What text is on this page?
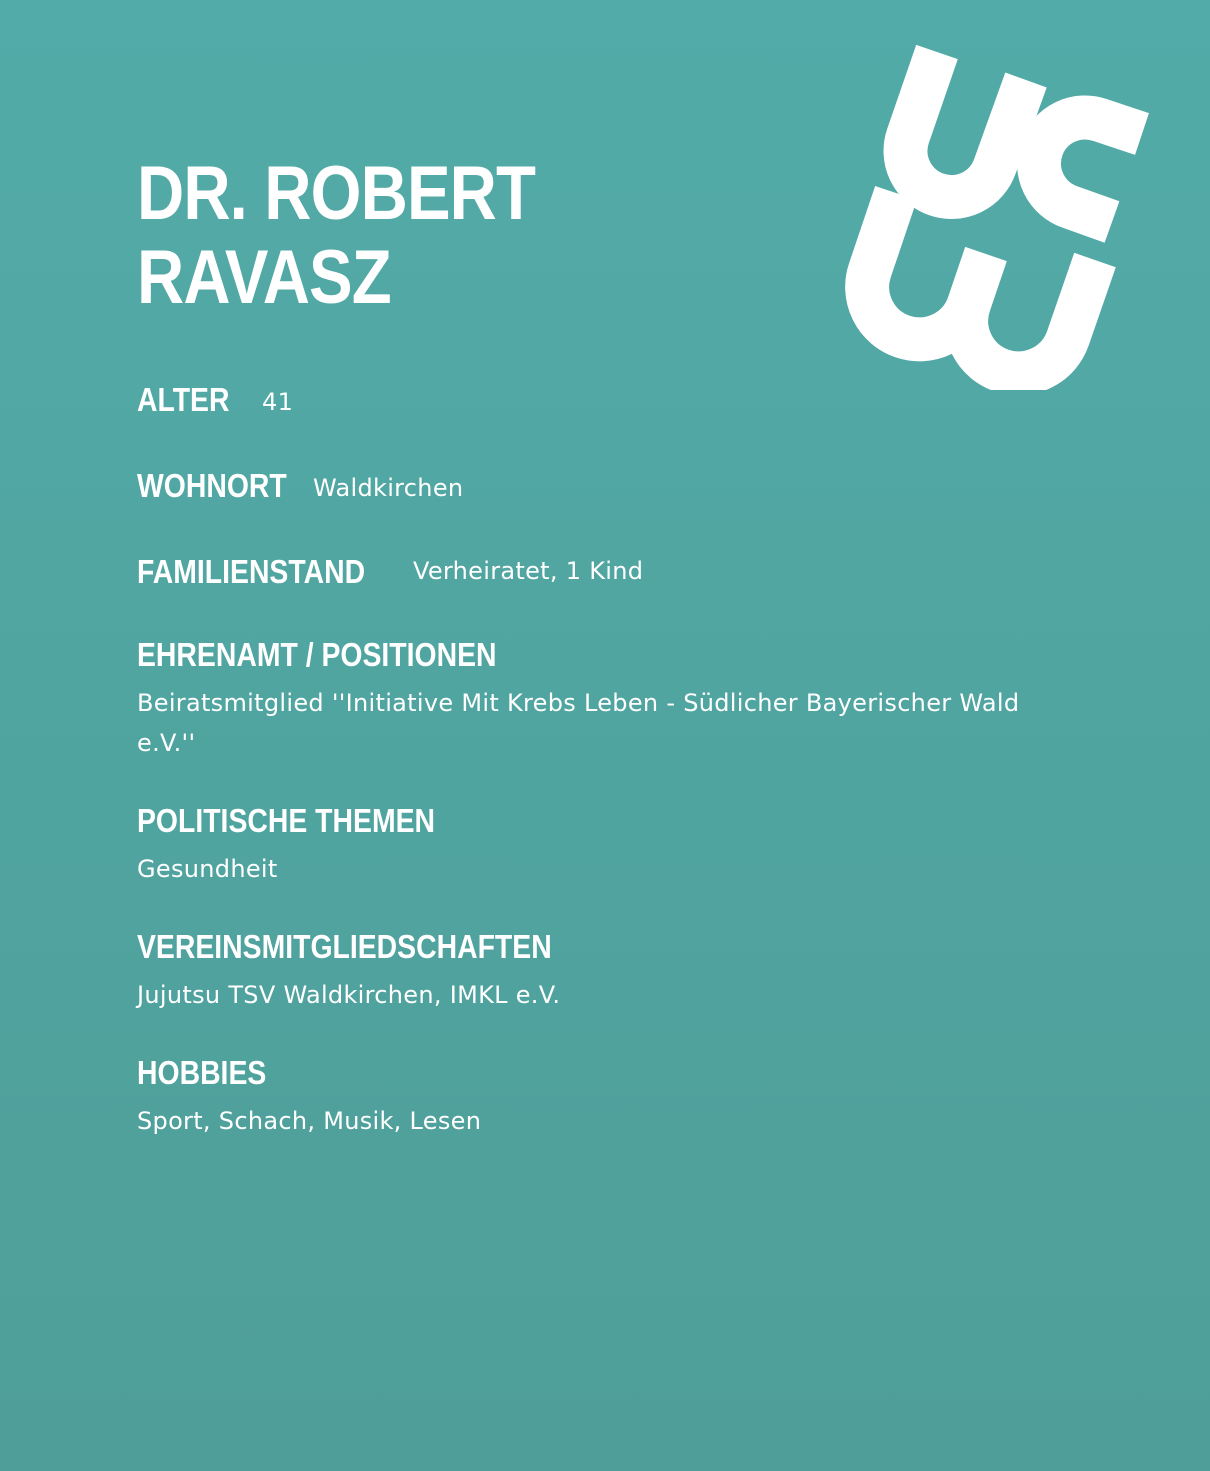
DR. ROBERT
RAVASZ
ALTER 41
WOHNORT Waldkirchen
FAMILIENSTAND Verheiratet, 1 Kind
EHRENAMT / POSITIONEN
Beiratsmitglied ''Initiative Mit Krebs Leben - Südlicher Bayerischer Wald e.V.''
POLITISCHE THEMEN
Gesundheit
VEREINSMITGLIEDSCHAFTEN
Jujutsu TSV Waldkirchen, IMKL e.V.
HOBBIES
Sport, Schach, Musik, Lesen
